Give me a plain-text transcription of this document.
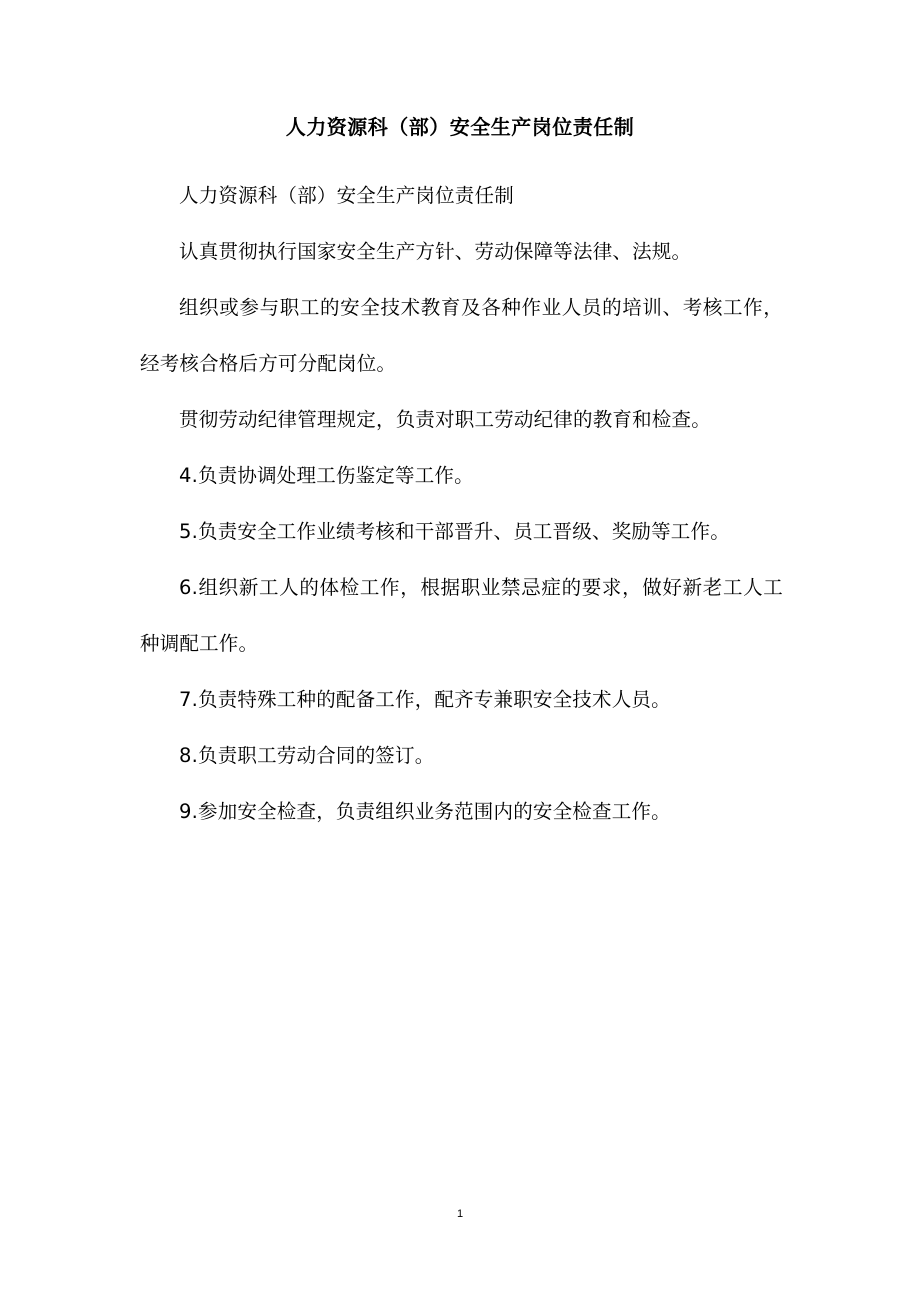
人力资源科（部）安全生产岗位责任制

人力资源科（部）安全生产岗位责任制

认真贯彻执行国家安全生产方针、劳动保障等法律、法规。

组织或参与职工的安全技术教育及各种作业人员的培训、考核工作，经考核合格后方可分配岗位。

贯彻劳动纪律管理规定，负责对职工劳动纪律的教育和检查。

4.负责协调处理工伤鉴定等工作。

5.负责安全工作业绩考核和干部晋升、员工晋级、奖励等工作。

6.组织新工人的体检工作，根据职业禁忌症的要求，做好新老工人工种调配工作。

7.负责特殊工种的配备工作，配齐专兼职安全技术人员。

8.负责职工劳动合同的签订。

9.参加安全检查，负责组织业务范围内的安全检查工作。

1
